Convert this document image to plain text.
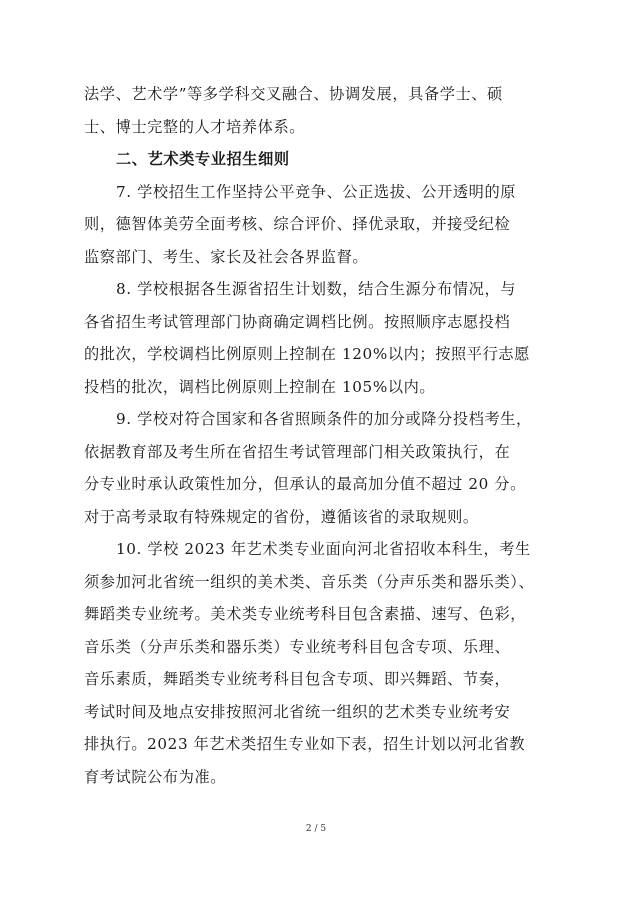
法学、艺术学”等多学科交叉融合、协调发展，具备学士、硕
士、博士完整的人才培养体系。
二、艺术类专业招生细则
7. 学校招生工作坚持公平竞争、公正选拔、公开透明的原
则，德智体美劳全面考核、综合评价、择优录取，并接受纪检
监察部门、考生、家长及社会各界监督。
8. 学校根据各生源省招生计划数，结合生源分布情况，与
各省招生考试管理部门协商确定调档比例。按照顺序志愿投档
的批次，学校调档比例原则上控制在 120%以内；按照平行志愿
投档的批次，调档比例原则上控制在 105%以内。
9. 学校对符合国家和各省照顾条件的加分或降分投档考生，
依据教育部及考生所在省招生考试管理部门相关政策执行，在
分专业时承认政策性加分，但承认的最高加分值不超过 20 分。
对于高考录取有特殊规定的省份，遵循该省的录取规则。
10. 学校 2023 年艺术类专业面向河北省招收本科生，考生
须参加河北省统一组织的美术类、音乐类（分声乐类和器乐类）、
舞蹈类专业统考。美术类专业统考科目包含素描、速写、色彩，
音乐类（分声乐类和器乐类）专业统考科目包含专项、乐理、
音乐素质，舞蹈类专业统考科目包含专项、即兴舞蹈、节奏，
考试时间及地点安排按照河北省统一组织的艺术类专业统考安
排执行。2023 年艺术类招生专业如下表，招生计划以河北省教
育考试院公布为准。
2 / 5
